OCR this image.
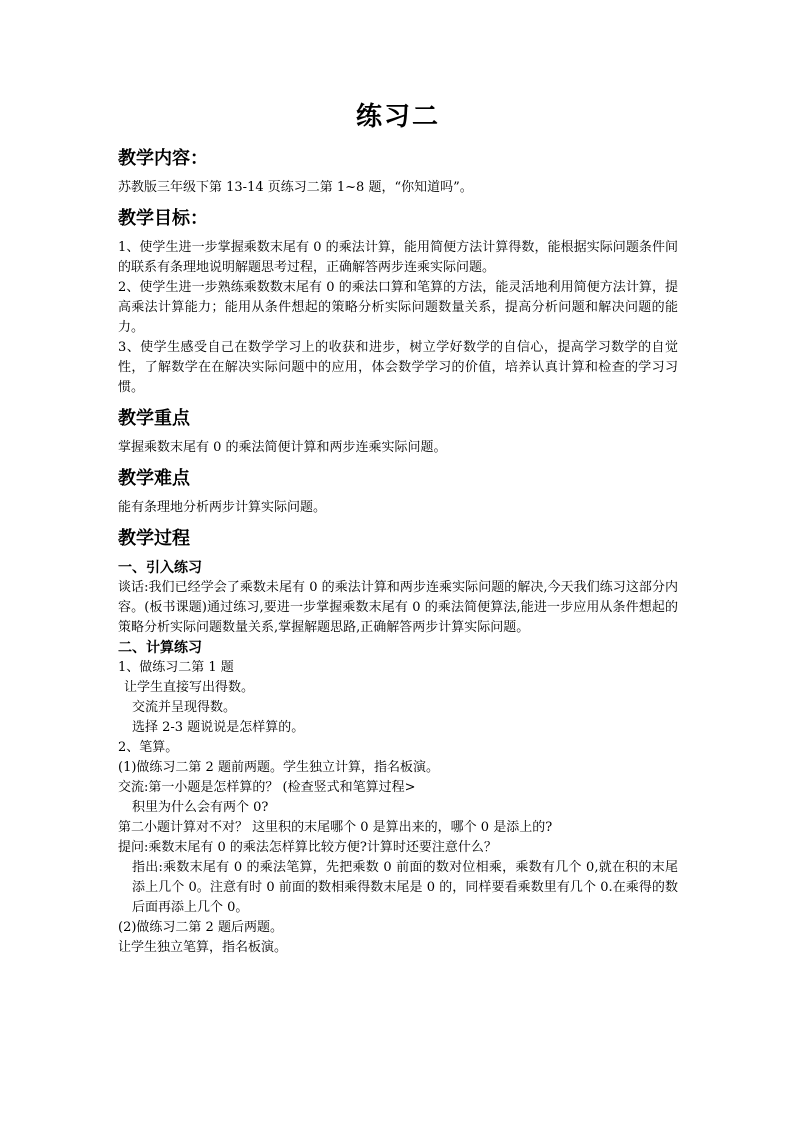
练习二
教学内容：

苏教版三年级下第 13-14 页练习二第 1~8 题，“你知道吗”。

教学目标：

1、使学生进一步掌握乘数末尾有 0 的乘法计算，能用简便方法计算得数，能根据实际问题条件间的联系有条理地说明解题思考过程，正确解答两步连乘实际问题。

2、使学生进一步熟练乘数数末尾有 0 的乘法口算和笔算的方法，能灵活地利用简便方法计算，提高乘法计算能力；能用从条件想起的策略分析实际问题数量关系，提高分析问题和解决问题的能力。

3、使学生感受自己在数学学习上的收获和进步，树立学好数学的自信心，提高学习数学的自觉性，了解数学在在解决实际问题中的应用，体会数学学习的价值，培养认真计算和检查的学习习惯。

教学重点

掌握乘数末尾有 0 的乘法简便计算和两步连乘实际问题。

教学难点

能有条理地分析两步计算实际问题。

教学过程
一、引入练习

谈话:我们已经学会了乘数未尾有 0 的乘法计算和两步连乘实际问题的解决,今天我们练习这部分内容。(板书课题)通过练习,要进一步掌握乘数末尾有 0 的乘法简便算法,能进一步应用从条件想起的策略分析实际问题数量关系,掌握解题思路,正确解答两步计算实际问题。

二、计算练习

1、做练习二第 1 题

让学生直接写出得数。

交流并呈现得数。

选择 2-3 题说说是怎样算的。

2、笔算。

(1)做练习二第 2 题前两题。学生独立计算，指名板演。

交流:第一小题是怎样算的？ (检查竖式和笔算过程>

积里为什么会有两个 0?

第二小题计算对不对？ 这里积的末尾哪个 0 是算出来的，哪个 0 是添上的?

提问:乘数末尾有 0 的乘法怎样算比较方便?计算时还要注意什么？

指出:乘数末尾有 0 的乘法笔算，先把乘数 0 前面的数对位相乘，乘数有几个 0,就在积的末尾添上几个 0。注意有时 0 前面的数相乘得数末尾是 0 的，同样要看乘数里有几个 0.在乘得的数后面再添上几个 0。

(2)做练习二第 2 题后两题。

让学生独立笔算，指名板演。
